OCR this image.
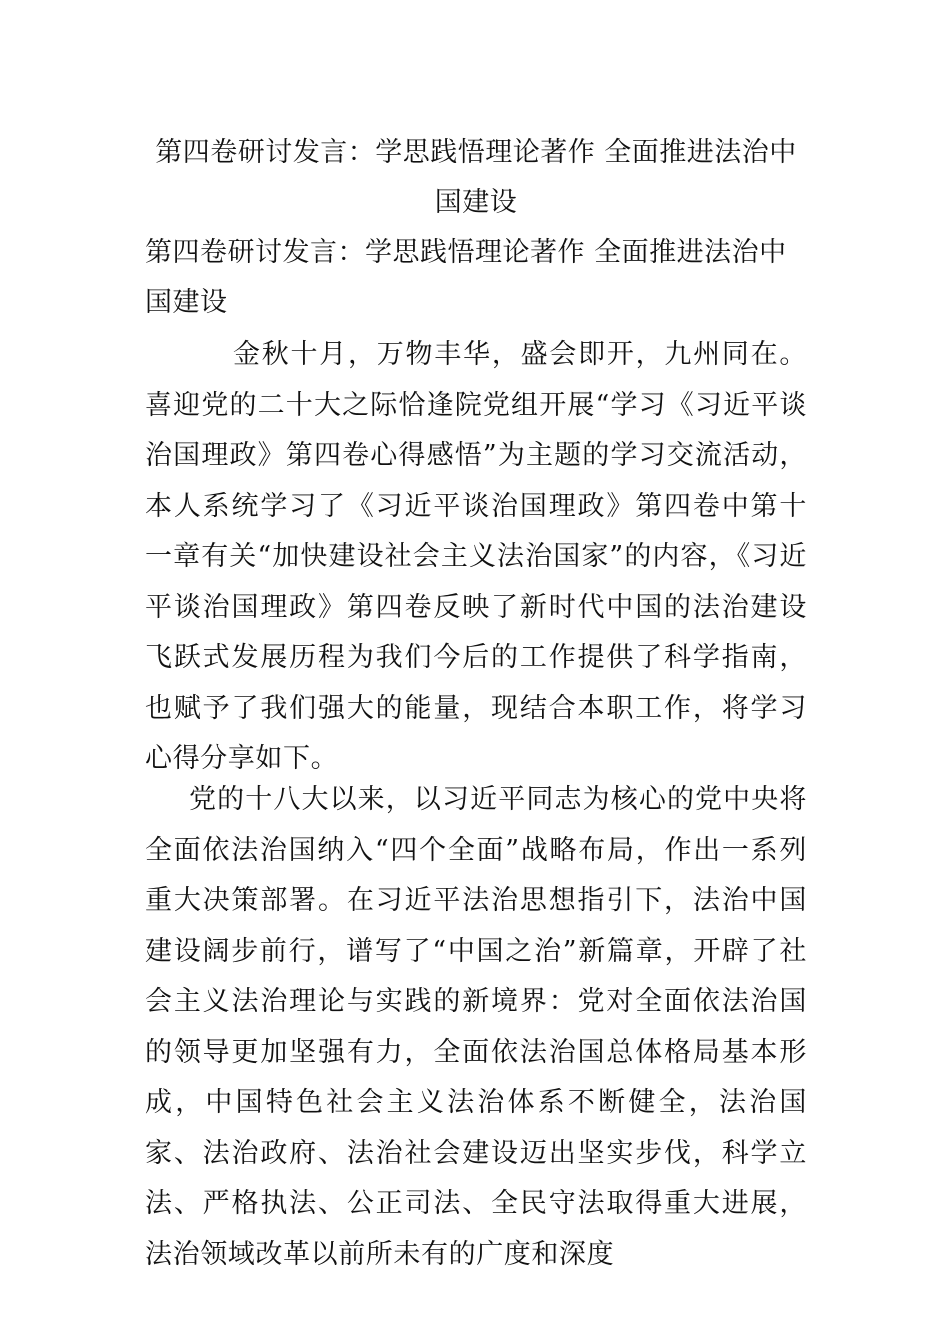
第四卷研讨发言：学思践悟理论著作 全面推进法治中国建设
第四卷研讨发言：学思践悟理论著作 全面推进法治中国建设
金秋十月，万物丰华，盛会即开，九州同在。喜迎党的二十大之际恰逢院党组开展“学习《习近平谈治国理政》第四卷心得感悟”为主题的学习交流活动，本人系统学习了《习近平谈治国理政》第四卷中第十一章有关“加快建设社会主义法治国家”的内容，《习近平谈治国理政》第四卷反映了新时代中国的法治建设飞跃式发展历程为我们今后的工作提供了科学指南，也赋予了我们强大的能量，现结合本职工作，将学习心得分享如下。
党的十八大以来，以习近平同志为核心的党中央将全面依法治国纳入“四个全面”战略布局，作出一系列重大决策部署。在习近平法治思想指引下，法治中国建设阔步前行，谱写了“中国之治”新篇章，开辟了社会主义法治理论与实践的新境界：党对全面依法治国的领导更加坚强有力，全面依法治国总体格局基本形成，中国特色社会主义法治体系不断健全，法治国家、法治政府、法治社会建设迈出坚实步伐，科学立法、严格执法、公正司法、全民守法取得重大进展，法治领域改革以前所未有的广度和深度
